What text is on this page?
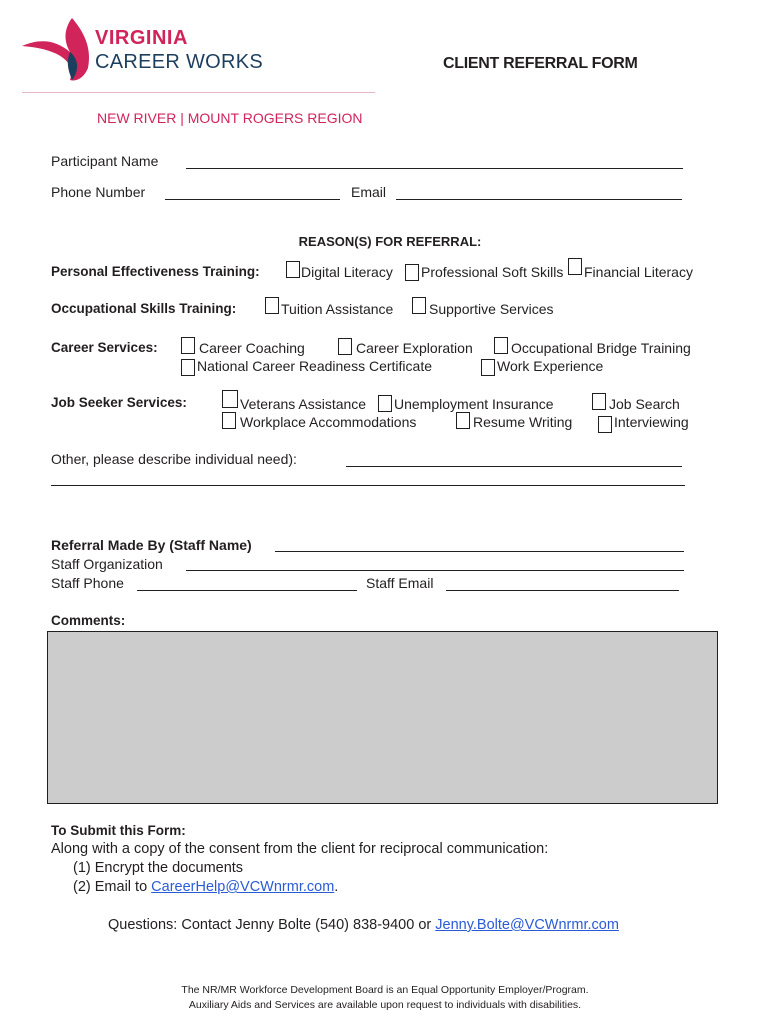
VIRGINIA
CAREER WORKS
NEW RIVER | MOUNT ROGERS REGION
CLIENT REFERRAL FORM
Participant Name
Phone Number	Email
REASON(S) FOR REFERRAL:
Personal Effectiveness Training:	Digital Literacy Professional Soft Skills Financial Literacy
Occupational Skills Training:	Tuition Assistance	Supportive Services
Career Services:	Career Coaching	Career Exploration	Occupational Bridge Training
National Career Readiness Certificate	Work Experience
Job Seeker Services:	Veterans Assistance Unemployment Insurance	Job Search
Workplace Accommodations	Resume Writing	Interviewing
Other, please describe individual need):
Referral Made By (Staff Name)
Staff Organization
Staff Phone	Staff Email
Comments:
To Submit this Form:
Along with a copy of the consent from the client for reciprocal communication:
(1) Encrypt the documents
(2) Email to CareerHelp@VCWnrmr.com.
Questions: Contact Jenny Bolte (540) 838-9400 or Jenny.Bolte@VCWnrmr.com
The NR/MR Workforce Development Board is an Equal Opportunity Employer/Program.
Auxiliary Aids and Services are available upon request to individuals with disabilities.
